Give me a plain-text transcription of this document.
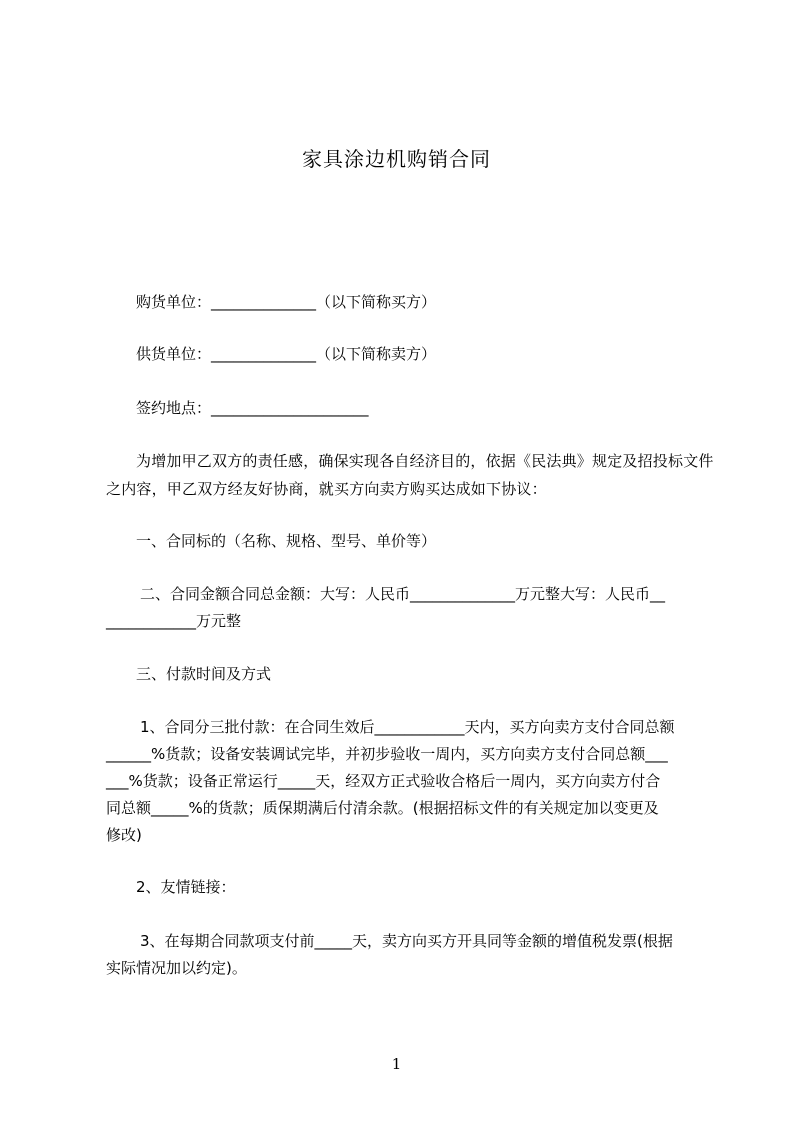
家具涂边机购销合同

购货单位：______________（以下简称买方）

供货单位：______________（以下简称卖方）

签约地点：_____________________

为增加甲乙双方的责任感，确保实现各自经济目的，依据《民法典》规定及招投标文件之内容，甲乙双方经友好协商，就买方向卖方购买达成如下协议：

一、合同标的（名称、规格、型号、单价等）

二、合同金额合同总金额：大写：人民币______________万元整大写：人民币__

____________万元整

三、付款时间及方式

1、合同分三批付款：在合同生效后____________天内，买方向卖方支付合同总额

______%货款；设备安装调试完毕，并初步验收一周内，买方向卖方支付合同总额___

___%货款；设备正常运行_____天，经双方正式验收合格后一周内，买方向卖方付合

同总额_____%的货款；质保期满后付清余款。(根据招标文件的有关规定加以变更及

修改)

2、友情链接：

3、在每期合同款项支付前_____天，卖方向买方开具同等金额的增值税发票(根据

实际情况加以约定)。

1
